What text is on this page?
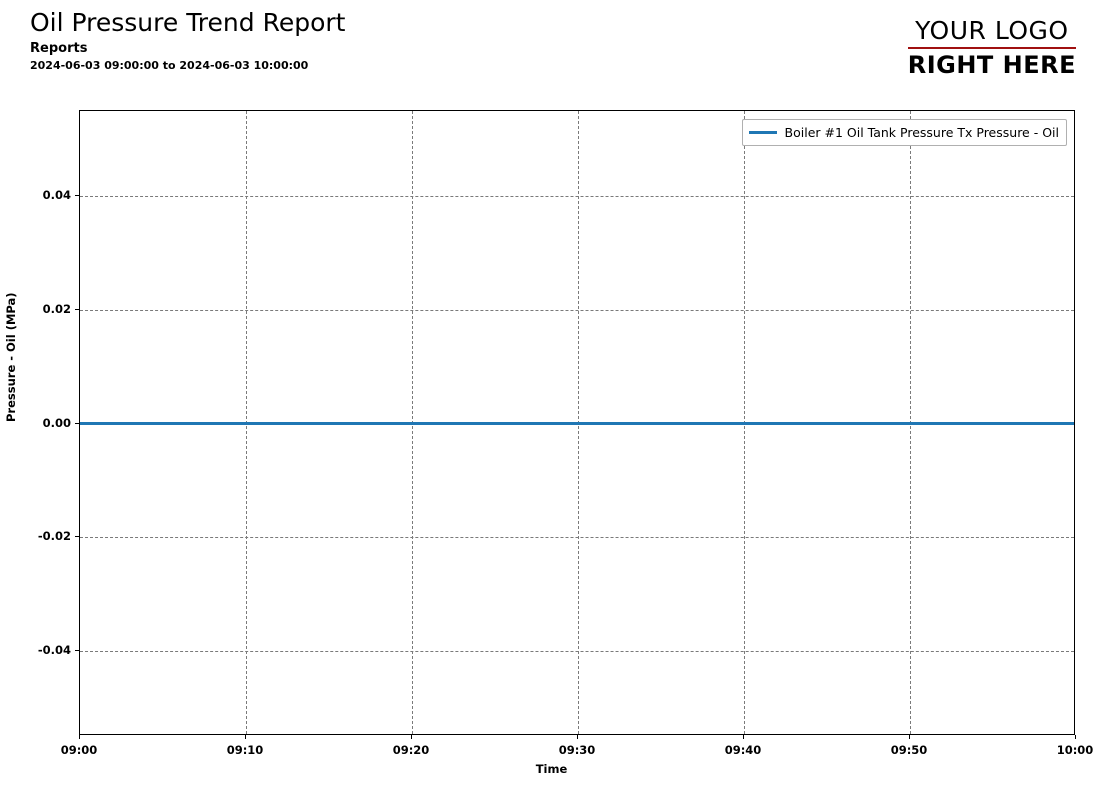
Oil Pressure Trend Report
Reports
2024-06-03 09:00:00 to 2024-06-03 10:00:00
YOUR LOGO
RIGHT HERE
Boiler #1 Oil Tank Pressure Tx Pressure - Oil
Pressure - Oil (MPa)
Time
09:00	09:10	09:20	09:30	09:40	09:50	10:00
0.04
0.02
0.00
-0.02
-0.04
